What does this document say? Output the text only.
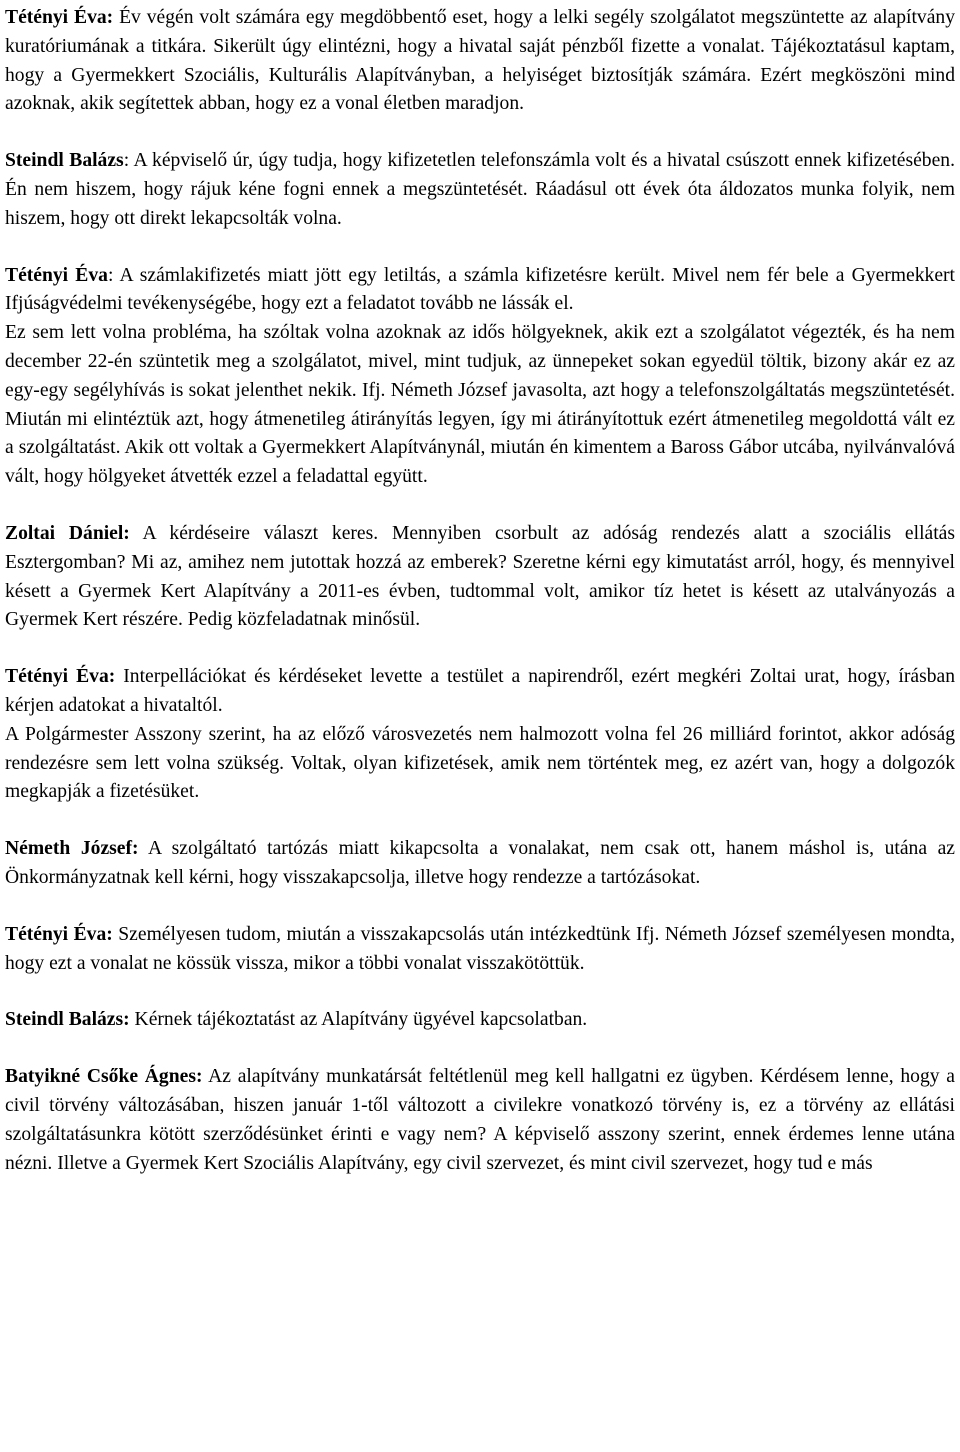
Tétényi Éva: Év végén volt számára egy megdöbbentő eset, hogy a lelki segély szolgálatot megszüntette az alapítvány kuratóriumának a titkára. Sikerült úgy elintézni, hogy a hivatal saját pénzből fizette a vonalat. Tájékoztatásul kaptam, hogy a Gyermekkert Szociális, Kulturális Alapítványban, a helyiséget biztosítják számára. Ezért megköszöni mind azoknak, akik segítettek abban, hogy ez a vonal életben maradjon.

Steindl Balázs: A képviselő úr, úgy tudja, hogy kifizetetlen telefonszámla volt és a hivatal csúszott ennek kifizetésében. Én nem hiszem, hogy rájuk kéne fogni ennek a megszüntetését. Ráadásul ott évek óta áldozatos munka folyik, nem hiszem, hogy ott direkt lekapcsolták volna.

Tétényi Éva: A számlakifizetés miatt jött egy letiltás, a számla kifizetésre került. Mivel nem fér bele a Gyermekkert Ifjúságvédelmi tevékenységébe, hogy ezt a feladatot tovább ne lássák el.

Ez sem lett volna probléma, ha szóltak volna azoknak az idős hölgyeknek, akik ezt a szolgálatot végezték, és ha nem december 22-én szüntetik meg a szolgálatot, mivel, mint tudjuk, az ünnepeket sokan egyedül töltik, bizony akár ez az egy-egy segélyhívás is sokat jelenthet nekik. Ifj. Németh József javasolta, azt hogy a telefonszolgáltatás megszüntetését. Miután mi elintéztük azt, hogy átmenetileg átirányítás legyen, így mi átirányítottuk ezért átmenetileg megoldottá vált ez a szolgáltatást. Akik ott voltak a Gyermekkert Alapítványnál, miután én kimentem a Baross Gábor utcába, nyilvánvalóvá vált, hogy hölgyeket átvették ezzel a feladattal együtt.

Zoltai Dániel: A kérdéseire választ keres. Mennyiben csorbult az adóság rendezés alatt a szociális ellátás Esztergomban? Mi az, amihez nem jutottak hozzá az emberek? Szeretne kérni egy kimutatást arról, hogy, és mennyivel késett a Gyermek Kert Alapítvány a 2011-es évben, tudtommal volt, amikor tíz hetet is késett az utalványozás a Gyermek Kert részére. Pedig közfeladatnak minősül.

Tétényi Éva: Interpellációkat és kérdéseket levette a testület a napirendről, ezért megkéri Zoltai urat, hogy, írásban kérjen adatokat a hivataltól.

A Polgármester Asszony szerint, ha az előző városvezetés nem halmozott volna fel 26 milliárd forintot, akkor adóság rendezésre sem lett volna szükség. Voltak, olyan kifizetések, amik nem történtek meg, ez azért van, hogy a dolgozók megkapják a fizetésüket.

Németh József: A szolgáltató tartózás miatt kikapcsolta a vonalakat, nem csak ott, hanem máshol is, utána az Önkormányzatnak kell kérni, hogy visszakapcsolja, illetve hogy rendezze a tartózásokat.

Tétényi Éva: Személyesen tudom, miután a visszakapcsolás után intézkedtünk Ifj. Németh József személyesen mondta, hogy ezt a vonalat ne kössük vissza, mikor a többi vonalat visszakötöttük.

Steindl Balázs: Kérnek tájékoztatást az Alapítvány ügyével kapcsolatban.

Batyikné Csőke Ágnes: Az alapítvány munkatársát feltétlenül meg kell hallgatni ez ügyben. Kérdésem lenne, hogy a civil törvény változásában, hiszen január 1-től változott a civilekre vonatkozó törvény is, ez a törvény az ellátási szolgáltatásunkra kötött szerződésünket érinti e vagy nem? A képviselő asszony szerint, ennek érdemes lenne utána nézni. Illetve a Gyermek Kert Szociális Alapítvány, egy civil szervezet, és mint civil szervezet, hogy tud e más
